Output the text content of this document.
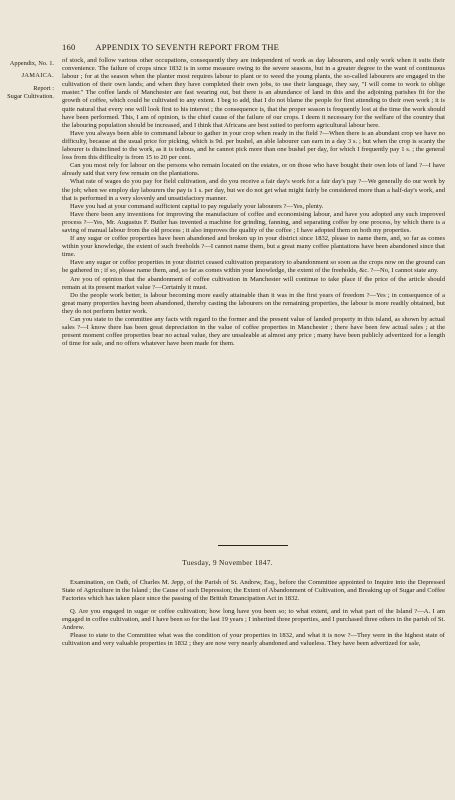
160 APPENDIX TO SEVENTH REPORT FROM THE
Appendix, No. 1.
JAMAICA.
Report :
Sugar Cultivation.

of stock, and follow various other occupations, consequently they are independent of work as day labourers, and only work when it suits their convenience. The failure of crops since 1832 is in some measure owing to the severe seasons, but in a greater degree to the want of continuous labour ; for at the season when the planter most requires labour to plant or to weed the young plants, the so-called labourers are engaged in the cultivation of their own lands; and when they have completed their own jobs, to use their language, they say, "I will come to work to oblige master." The coffee lands of Manchester are fast wearing out, but there is an abundance of land in this and the adjoining parishes fit for the growth of coffee, which could be cultivated to any extent. I beg to add, that I do not blame the people for first attending to their own work ; it is quite natural that every one will look first to his interest ; the consequence is, that the proper season is frequently lost at the time the work should have been performed. This, I am of opinion, is the chief cause of the failure of our crops. I deem it necessary for the welfare of the country that the labouring population should be increased, and I think that Africans are best suited to perform agricultural labour here.

Have you always been able to command labour to gather in your crop when ready in the field ?—When there is an abundant crop we have no difficulty, because at the usual price for picking, which is 9d. per bushel, an able labourer can earn in a day 3 s. ; but when the crop is scanty the labourer is disinclined to the work, as it is tedious, and he cannot pick more than one bushel per day, for which I frequently pay 1 s. ; the general loss from this difficulty is from 15 to 20 per cent.

Can you most rely for labour on the persons who remain located on the estates, or on those who have bought their own lots of land ?—I have already said that very few remain on the plantations.

What rate of wages do you pay for field cultivation, and do you receive a fair day's work for a fair day's pay ?—We generally do our work by the job; when we employ day labourers the pay is 1 s. per day, but we do not get what might fairly be considered more than a half-day's work, and that is performed in a very slovenly and unsatisfactory manner.

Have you had at your command sufficient capital to pay regularly your labourers ?—Yes, plenty.

Have there been any inventions for improving the manufacture of coffee and economising labour, and have you adopted any such improved process ?—Yes, Mr. Augustus F. Butler has invented a machine for grinding, fanning, and separating coffee by one process, by which there is a saving of manual labour from the old process ; it also improves the quality of the coffee ; I have adopted them on both my properties.

If any sugar or coffee properties have been abandoned and broken up in your district since 1832, please to name them, and, so far as comes within your knowledge, the extent of such freeholds ?—I cannot name them, but a great many coffee plantations have been abandoned since that time.

Have any sugar or coffee properties in your district ceased cultivation preparatory to abandonment so soon as the crops now on the ground can be gathered in ; if so, please name them, and, so far as comes within your knowledge, the extent of the freeholds, &c. ?—No, I cannot state any.

Are you of opinion that the abandonment of coffee cultivation in Manchester will continue to take place if the price of the article should remain at its present market value ?—Certainly it must.

Do the people work better, is labour becoming more easily attainable than it was in the first years of freedom ?—Yes ; in consequence of a great many properties having been abandoned, thereby casting the labourers on the remaining properties, the labour is more readily obtained, but they do not perform better work.

Can you state to the committee any facts with regard to the former and the present value of landed property in this island, as shown by actual sales ?—I know there has been great depreciation in the value of coffee properties in Manchester ; there have been few actual sales ; at the present moment coffee properties bear no actual value, they are unsaleable at almost any price ; many have been publicly advertized for a length of time for sale, and no offers whatever have been made for them.

Tuesday, 9 November 1847.

Examination, on Oath, of Charles M. Jepp, of the Parish of St. Andrew, Esq., before the Committee appointed to Inquire into the Depressed State of Agriculture in the Island ; the Cause of such Depression; the Extent of Abandonment of Cultivation, and Breaking up of Sugar and Coffee Factories which has taken place since the passing of the British Emancipation Act in 1832.

Q. Are you engaged in sugar or coffee cultivation; how long have you been so; to what extent, and in what part of the Island ?—A. I am engaged in coffee cultivation, and I have been so for the last 19 years ; I inherited three properties, and I purchased three others in the parish of St. Andrew.

Please to state to the Committee what was the condition of your properties in 1832, and what it is now ?—They were in the highest state of cultivation and very valuable properties in 1832 ; they are now very nearly abandoned and valueless. They have been advertized for sale,
